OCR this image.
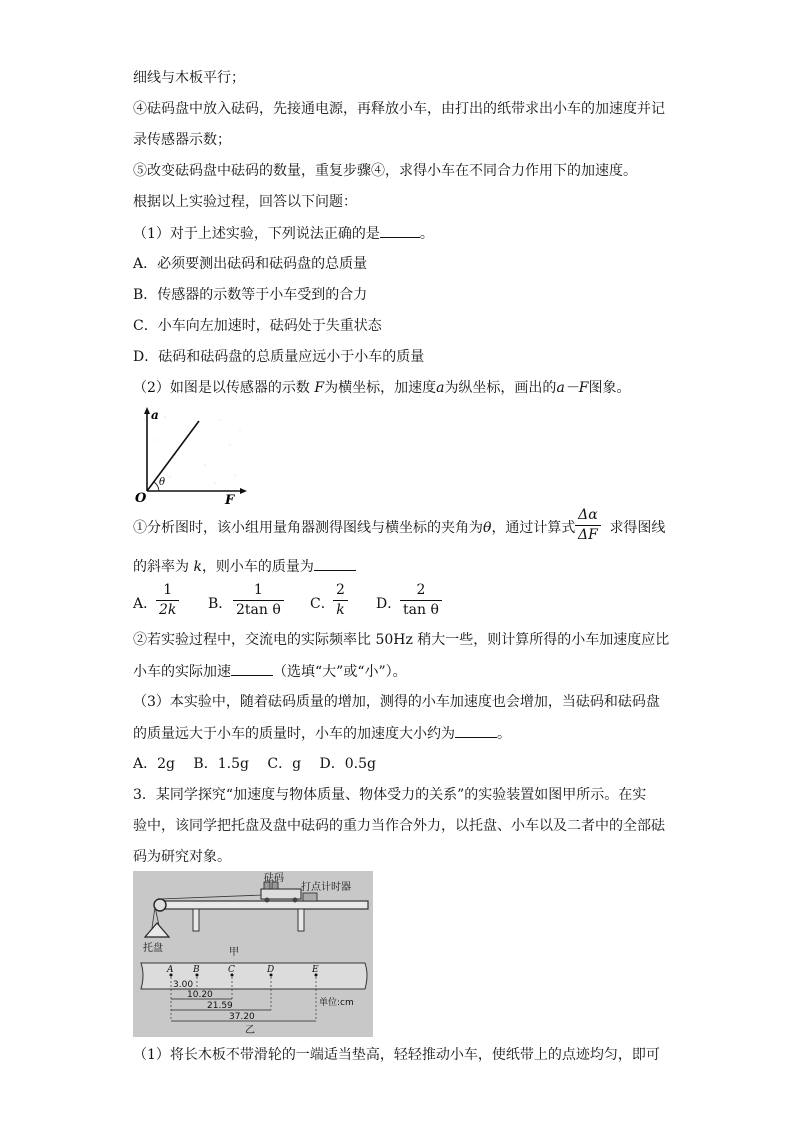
细线与木板平行；
④砝码盘中放入砝码，先接通电源，再释放小车，由打出的纸带求出小车的加速度并记
录传感器示数；
⑤改变砝码盘中砝码的数量，重复步骤④，求得小车在不同合力作用下的加速度。
根据以上实验过程，回答以下问题：
（1）对于上述实验，下列说法正确的是	。
A．必须要测出砝码和砝码盘的总质量
B．传感器的示数等于小车受到的合力
C．小车向左加速时，砝码处于失重状态
D．砝码和砝码盘的总质量应远小于小车的质量
（2）如图是以传感器的示数 F为横坐标，加速度a为纵坐标，画出的a－F图象。
a
O	F
θ
①分析图时，该小组用量角器测得图线与横坐标的夹角为θ，通过计算式 求得图线
Δα
ΔF
的斜率为 k，则小车的质量为
A．
1
2k B．
1
2tan θ C．
2
k D．
2
tan θ
②若实验过程中，交流电的实际频率比 50Hz 稍大一些，则计算所得的小车加速度应比
小车的实际加速	（选填“大”或“小”）。
（3）本实验中，随着砝码质量的增加，测得的小车加速度也会增加，当砝码和砝码盘
的质量远大于小车的质量时，小车的加速度大小约为	。
A．2g　 B．1.5g　 C．g　 D．0.5g
3．某同学探究“加速度与物体质量、物体受力的关系”的实验装置如图甲所示。在实
验中，该同学把托盘及盘中砝码的重力当作合外力，以托盘、小车以及二者中的全部砝
码为研究对象。
托盘
砝码
打点计时器
甲
A B	C	D	E
3.00
10.20
21.59
37.20
单位:cm
乙
（1）将长木板不带滑轮的一端适当垫高，轻轻推动小车，使纸带上的点迹均匀，即可
